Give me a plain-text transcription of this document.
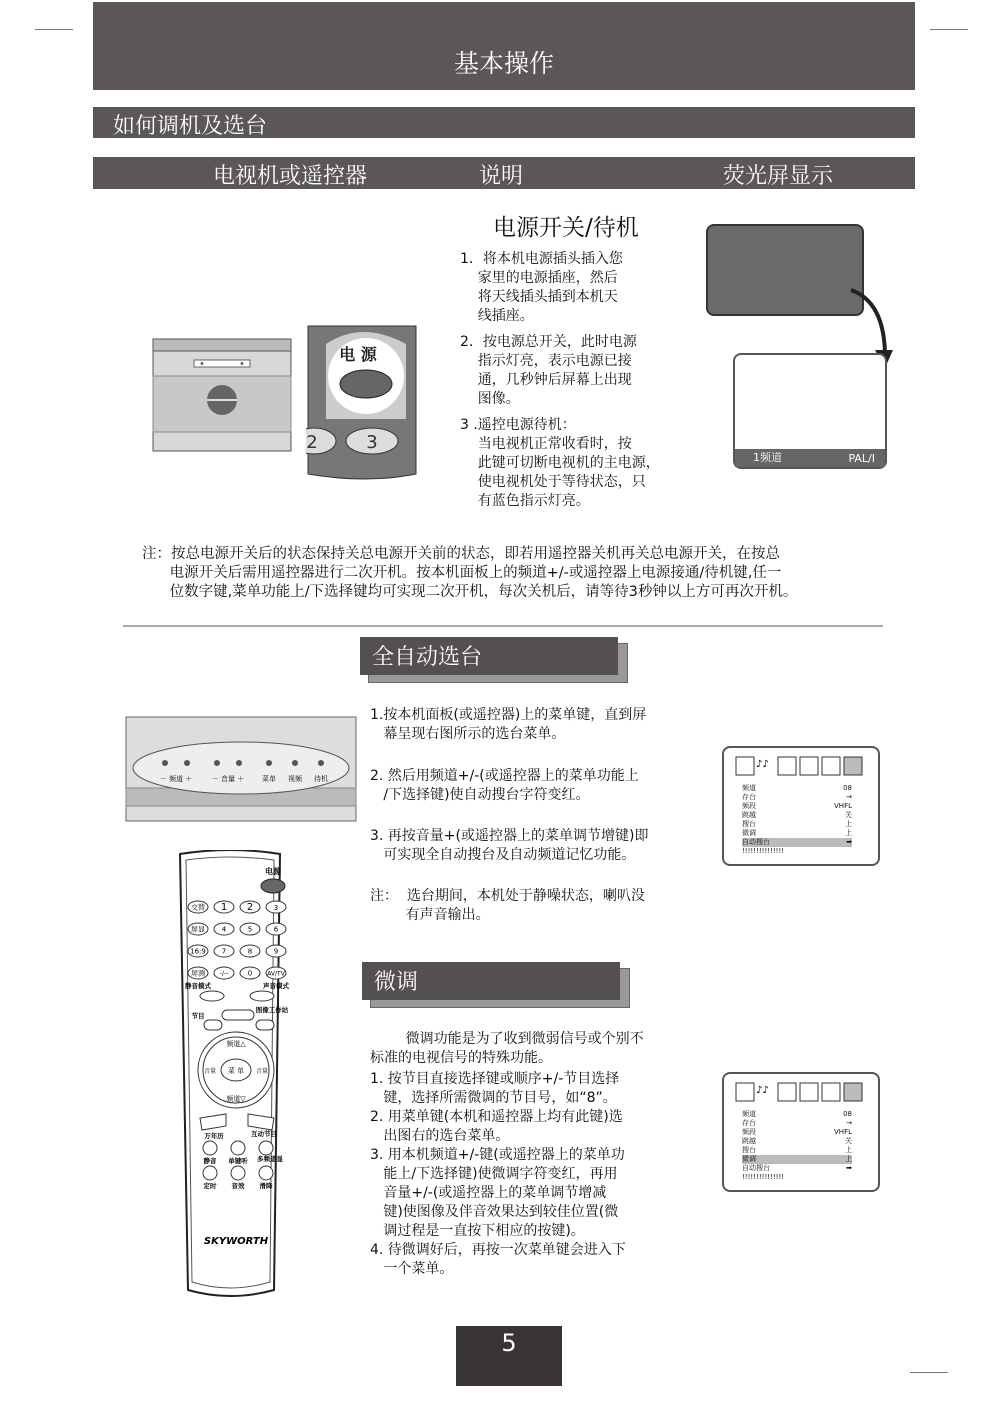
基本操作
如何调机及选台
电视机或遥控器	说明	荧光屏显示
电 源
2	3
电源开关/待机
1．将本机电源插头插入您
家里的电源插座，然后
将天线插头插到本机天
线插座。
2．按电源总开关，此时电源
指示灯亮，表示电源已接
通，几秒钟后屏幕上出现
图像。
3 .遥控电源待机：
当电视机正常收看时，按
此键可切断电视机的主电源，
使电视机处于等待状态，只
有蓝色指示灯亮。
1频道	PAL/I
注：按总电源开关后的状态保持关总电源开关前的状态，即若用遥控器关机再关总电源开关，在按总
电源开关后需用遥控器进行二次开机。按本机面板上的频道+/-或遥控器上电源接通/待机键,任一
位数字键,菜单功能上/下选择键均可实现二次开机，每次关机后，请等待3秒钟以上方可再次开机。
全自动选台
－ 频道 ＋	－ 音量 ＋	菜单 视频 待机
1.按本机面板(或遥控器)上的菜单键，直到屏
幕呈现右图所示的选台菜单。
2. 然后用频道+/-(或遥控器上的菜单功能上
/下选择键)使自动搜台字符变红。
3. 再按音量+(或遥控器上的菜单调节增键)即
可实现全自动搜台及自动频道记忆功能。
注：  选台期间，本机处于静噪状态，喇叭没
有声音输出。
♪♪
频道	08
存台	→
频段	VHFL
跳越	关
搜台	上
微调	上
自动搜台	➡
!!!!!!!!!!!!!!!
电源
交替 1 2	3
屏显 4	5	6
16:9 7	8	9
屏测 -/--	0 AV/TV
静音模式	声音模式
节目
图像工作站
频道△
频道▽
音量	音量
菜 单
万年历	互动节目
静音 单键听 多频道显
定时 音效 滑降
SKYWORTH
微调
微调功能是为了收到微弱信号或个别不
标准的电视信号的特殊功能。
1. 按节目直接选择键或顺序+/-节目选择
键，选择所需微调的节目号，如“8”。
2. 用菜单键(本机和遥控器上均有此键)选
出图右的选台菜单。
3. 用本机频道+/-键(或遥控器上的菜单功
能上/下选择键)使微调字符变红，再用
音量+/-(或遥控器上的菜单调节增减
键)使图像及伴音效果达到较佳位置(微
调过程是一直按下相应的按键)。
4. 待微调好后，再按一次菜单键会进入下
一个菜单。
♪♪
频道	08
存台	→
频段	VHFL
跳越	关
搜台	上
微调	上
自动搜台	➡
!!!!!!!!!!!!!!!
5
